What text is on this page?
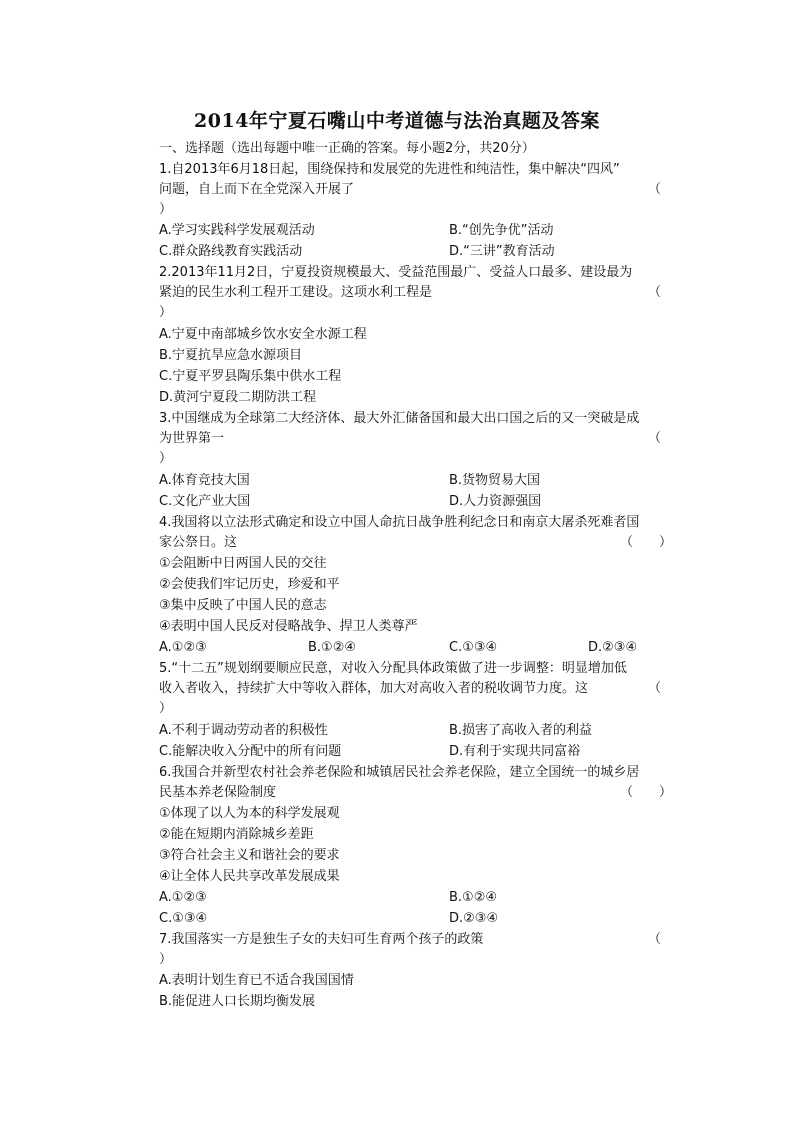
2014年宁夏石嘴山中考道德与法治真题及答案
一、选择题（选出每题中唯一正确的答案。每小题2分，共20分）
1.自2013年6月18日起，围绕保持和发展党的先进性和纯洁性，集中解决“四风”
问题，自上而下在全党深入开展了	（
）
A.学习实践科学发展观活动	B.“创先争优”活动
C.群众路线教育实践活动	D.“三讲”教育活动
2.2013年11月2日，宁夏投资规模最大、受益范围最广、受益人口最多、建设最为
紧迫的民生水利工程开工建设。这项水利工程是	（
）
A.宁夏中南部城乡饮水安全水源工程
B.宁夏抗旱应急水源项目
C.宁夏平罗县陶乐集中供水工程
D.黄河宁夏段二期防洪工程
3.中国继成为全球第二大经济体、最大外汇储备国和最大出口国之后的又一突破是成
为世界第一	（
）
A.体育竞技大国	B.货物贸易大国
C.文化产业大国	D.人力资源强国
4.我国将以立法形式确定和设立中国人命抗日战争胜利纪念日和南京大屠杀死难者国
家公祭日。这	（　　）
①会阻断中日两国人民的交往
②会使我们牢记历史，珍爱和平
③集中反映了中国人民的意志
④表明中国人民反对侵略战争、捍卫人类尊严
A.①②③	B.①②④	C.①③④	D.②③④
5.“十二五”规划纲要顺应民意，对收入分配具体政策做了进一步调整：明显增加低
收入者收入，持续扩大中等收入群体，加大对高收入者的税收调节力度。这	（
）
A.不利于调动劳动者的积极性	B.损害了高收入者的利益
C.能解决收入分配中的所有问题	D.有利于实现共同富裕
6.我国合并新型农村社会养老保险和城镇居民社会养老保险，建立全国统一的城乡居
民基本养老保险制度	（　　）
①体现了以人为本的科学发展观
②能在短期内消除城乡差距
③符合社会主义和谐社会的要求
④让全体人民共享改革发展成果
A.①②③	B.①②④
C.①③④	D.②③④
7.我国落实一方是独生子女的夫妇可生育两个孩子的政策	（
）
A.表明计划生育已不适合我国国情
B.能促进人口长期均衡发展
